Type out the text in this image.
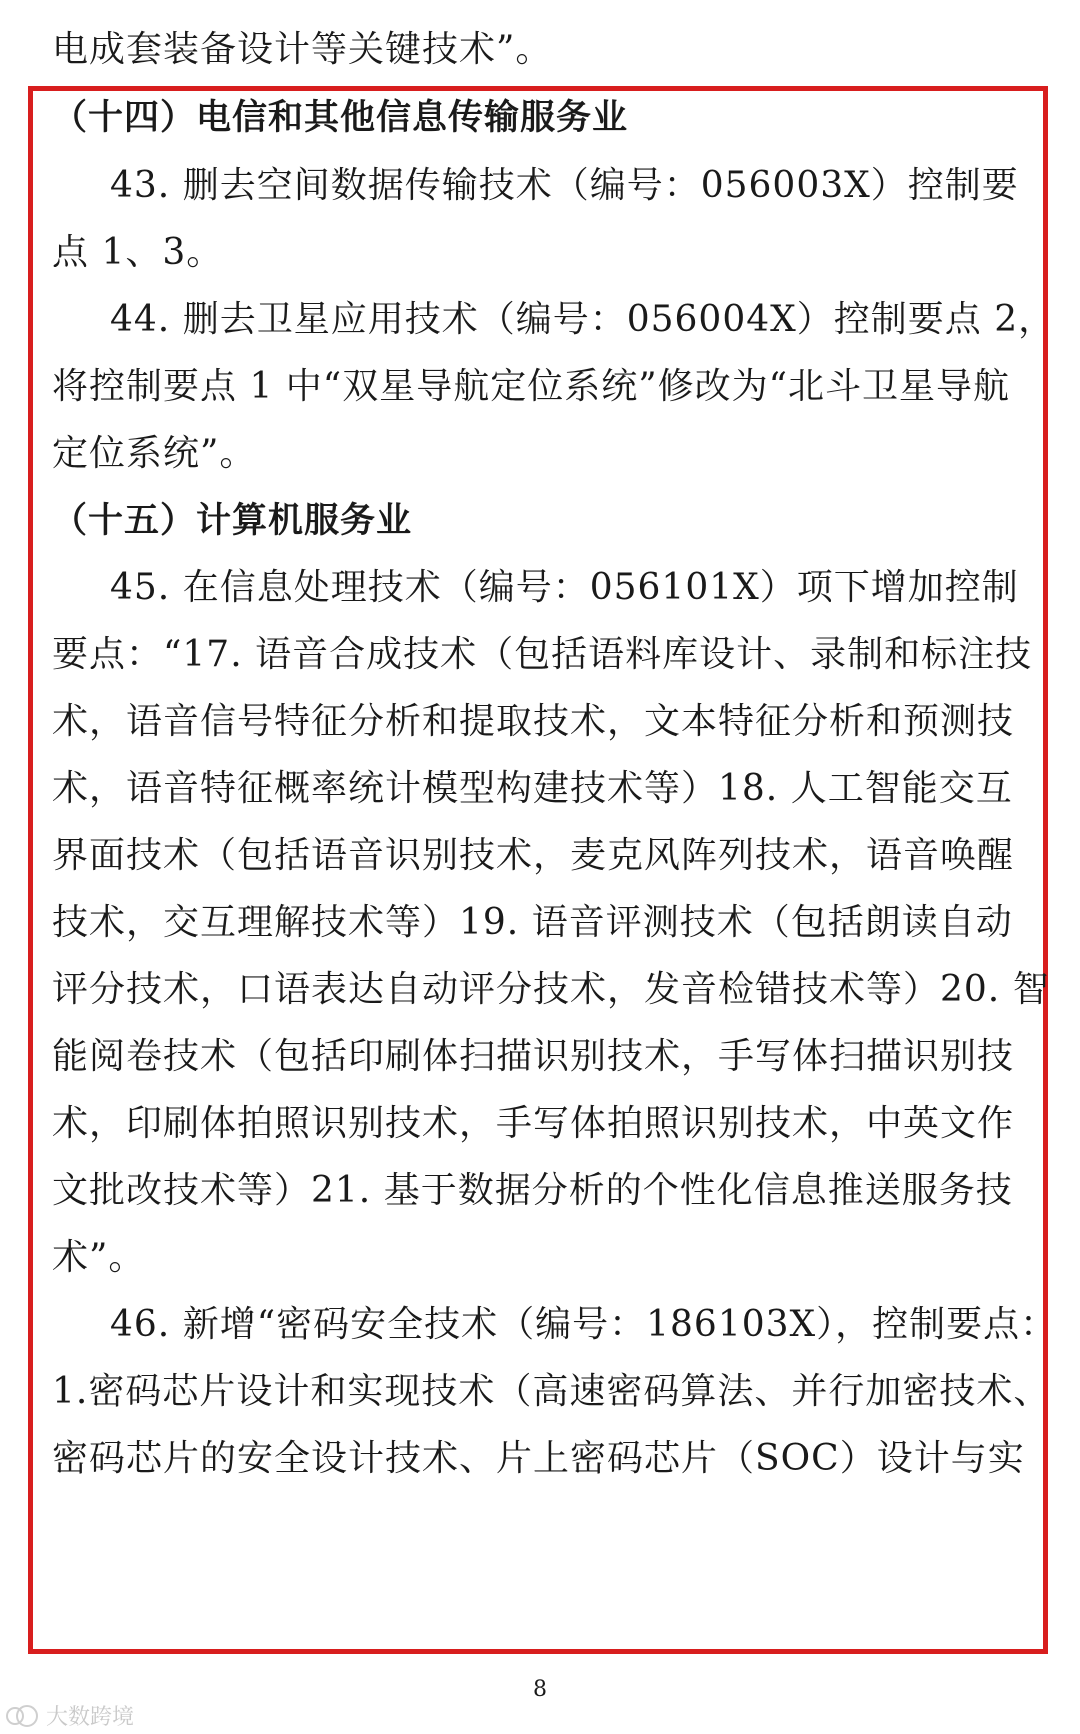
电成套装备设计等关键技术”。
（十四）电信和其他信息传输服务业
43. 删去空间数据传输技术（编号：056003X）控制要
点 1、3。
44. 删去卫星应用技术（编号：056004X）控制要点 2，
将控制要点 1 中“双星导航定位系统”修改为“北斗卫星导航
定位系统”。
（十五）计算机服务业
45. 在信息处理技术（编号：056101X）项下增加控制
要点：“17. 语音合成技术（包括语料库设计、录制和标注技
术，语音信号特征分析和提取技术，文本特征分析和预测技
术，语音特征概率统计模型构建技术等）18. 人工智能交互
界面技术（包括语音识别技术，麦克风阵列技术，语音唤醒
技术，交互理解技术等）19. 语音评测技术（包括朗读自动
评分技术，口语表达自动评分技术，发音检错技术等）20. 智
能阅卷技术（包括印刷体扫描识别技术，手写体扫描识别技
术，印刷体拍照识别技术，手写体拍照识别技术，中英文作
文批改技术等）21. 基于数据分析的个性化信息推送服务技
术”。
46. 新增“密码安全技术（编号：186103X），控制要点：
1.密码芯片设计和实现技术（高速密码算法、并行加密技术、
密码芯片的安全设计技术、片上密码芯片（SOC）设计与实
8
大数跨境
